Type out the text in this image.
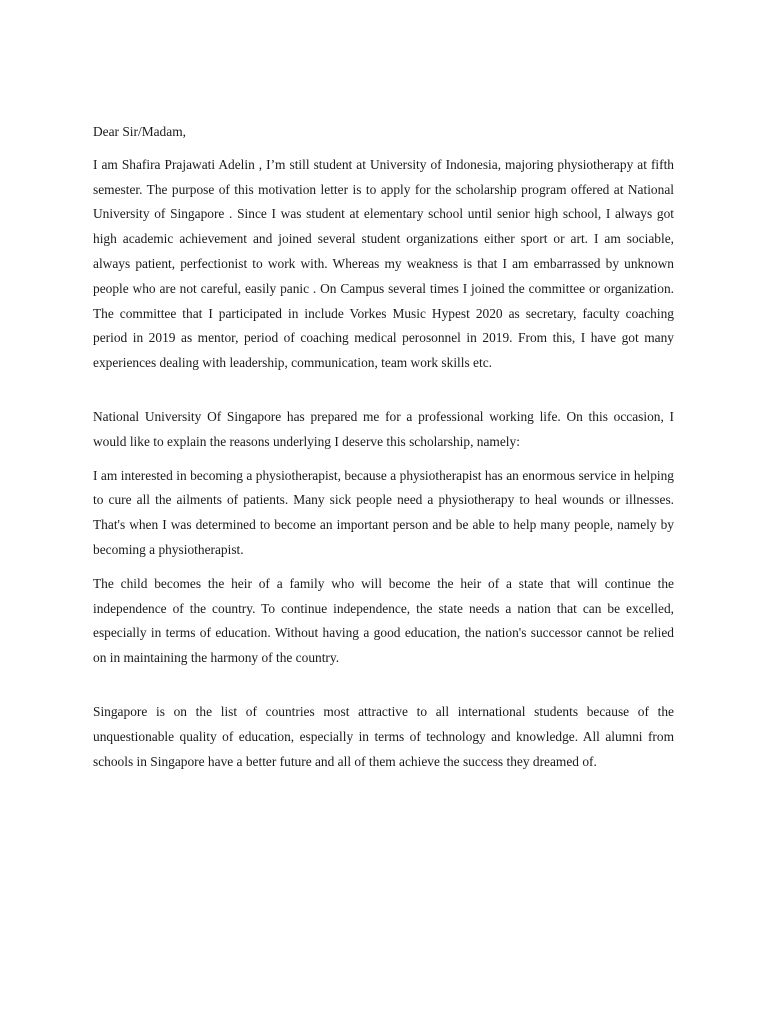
Dear Sir/Madam,

I am Shafira Prajawati Adelin , I’m still student at University of Indonesia, majoring physiotherapy at fifth semester. The purpose of this motivation letter is to apply for the scholarship program offered at National University of Singapore . Since I was student at elementary school until senior high school, I always got high academic achievement and joined several student organizations either sport or art. I am sociable, always patient, perfectionist to work with. Whereas my weakness is that I am embarrassed by unknown people who are not careful, easily panic . On Campus several times I joined the committee or organization. The committee that I participated in include Vorkes Music Hypest 2020 as secretary, faculty coaching period in 2019 as mentor, period of coaching medical perosonnel in 2019. From this, I have got many experiences dealing with leadership, communication, team work skills etc.

National University Of Singapore has prepared me for a professional working life. On this occasion, I would like to explain the reasons underlying I deserve this scholarship, namely:

I am interested in becoming a physiotherapist, because a physiotherapist has an enormous service in helping to cure all the ailments of patients. Many sick people need a physiotherapy to heal wounds or illnesses. That's when I was determined to become an important person and be able to help many people, namely by becoming a physiotherapist.

The child becomes the heir of a family who will become the heir of a state that will continue the independence of the country. To continue independence, the state needs a nation that can be excelled, especially in terms of education. Without having a good education, the nation's successor cannot be relied on in maintaining the harmony of the country.

Singapore is on the list of countries most attractive to all international students because of the unquestionable quality of education, especially in terms of technology and knowledge. All alumni from schools in Singapore have a better future and all of them achieve the success they dreamed of.
